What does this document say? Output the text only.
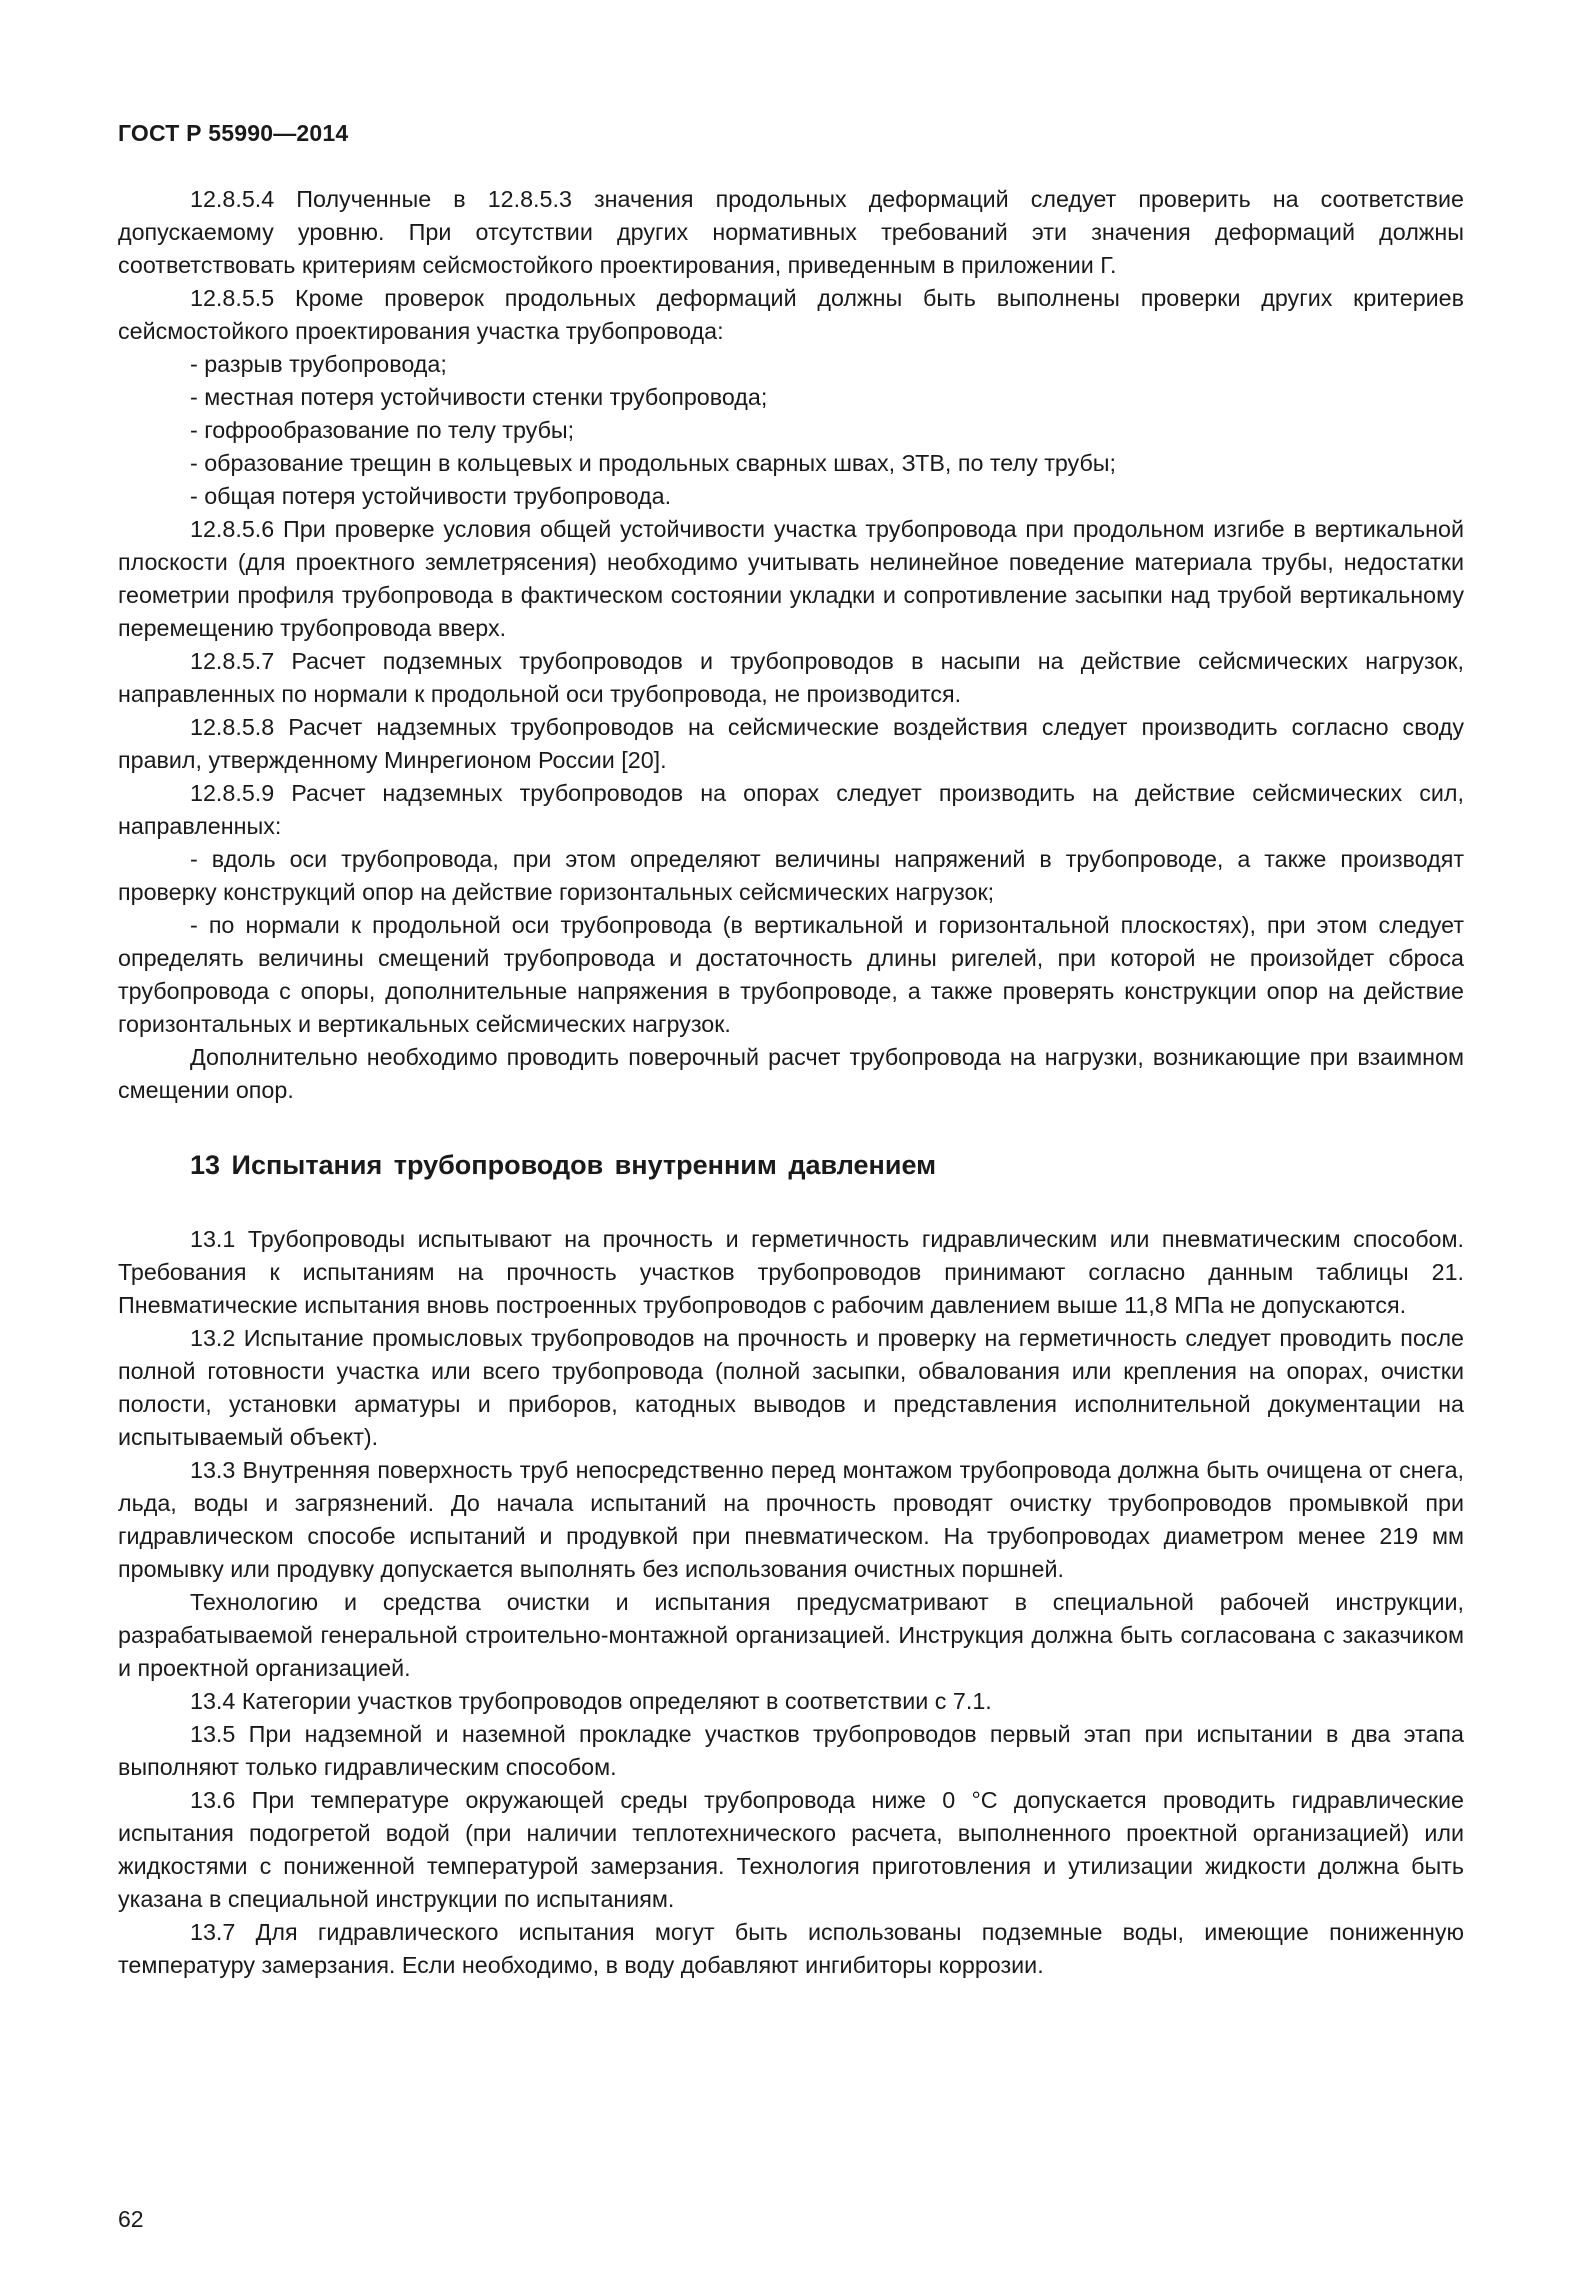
ГОСТ Р 55990—2014

12.8.5.4 Полученные в 12.8.5.3 значения продольных деформаций следует проверить на соответствие допускаемому уровню. При отсутствии других нормативных требований эти значения деформаций должны соответствовать критериям сейсмостойкого проектирования, приведенным в приложении Г.

12.8.5.5 Кроме проверок продольных деформаций должны быть выполнены проверки других критериев сейсмостойкого проектирования участка трубопровода:

- разрыв трубопровода;

- местная потеря устойчивости стенки трубопровода;

- гофрообразование по телу трубы;

- образование трещин в кольцевых и продольных сварных швах, ЗТВ, по телу трубы;

- общая потеря устойчивости трубопровода.

12.8.5.6 При проверке условия общей устойчивости участка трубопровода при продольном изгибе в вертикальной плоскости (для проектного землетрясения) необходимо учитывать нелинейное поведение материала трубы, недостатки геометрии профиля трубопровода в фактическом состоянии укладки и сопротивление засыпки над трубой вертикальному перемещению трубопровода вверх.

12.8.5.7 Расчет подземных трубопроводов и трубопроводов в насыпи на действие сейсмических нагрузок, направленных по нормали к продольной оси трубопровода, не производится.

12.8.5.8 Расчет надземных трубопроводов на сейсмические воздействия следует производить согласно своду правил, утвержденному Минрегионом России [20].

12.8.5.9 Расчет надземных трубопроводов на опорах следует производить на действие сейсмических сил, направленных:

- вдоль оси трубопровода, при этом определяют величины напряжений в трубопроводе, а также производят проверку конструкций опор на действие горизонтальных сейсмических нагрузок;

- по нормали к продольной оси трубопровода (в вертикальной и горизонтальной плоскостях), при этом следует определять величины смещений трубопровода и достаточность длины ригелей, при которой не произойдет сброса трубопровода с опоры, дополнительные напряжения в трубопроводе, а также проверять конструкции опор на действие горизонтальных и вертикальных сейсмических нагрузок.

Дополнительно необходимо проводить поверочный расчет трубопровода на нагрузки, возникающие при взаимном смещении опор.

13 Испытания трубопроводов внутренним давлением

13.1 Трубопроводы испытывают на прочность и герметичность гидравлическим или пневматическим способом. Требования к испытаниям на прочность участков трубопроводов принимают согласно данным таблицы 21. Пневматические испытания вновь построенных трубопроводов с рабочим давлением выше 11,8 МПа не допускаются.

13.2 Испытание промысловых трубопроводов на прочность и проверку на герметичность следует проводить после полной готовности участка или всего трубопровода (полной засыпки, обвалования или крепления на опорах, очистки полости, установки арматуры и приборов, катодных выводов и представления исполнительной документации на испытываемый объект).

13.3 Внутренняя поверхность труб непосредственно перед монтажом трубопровода должна быть очищена от снега, льда, воды и загрязнений. До начала испытаний на прочность проводят очистку трубопроводов промывкой при гидравлическом способе испытаний и продувкой при пневматическом. На трубопроводах диаметром менее 219 мм промывку или продувку допускается выполнять без использования очистных поршней.

Технологию и средства очистки и испытания предусматривают в специальной рабочей инструкции, разрабатываемой генеральной строительно-монтажной организацией. Инструкция должна быть согласована с заказчиком и проектной организацией.

13.4 Категории участков трубопроводов определяют в соответствии с 7.1.

13.5 При надземной и наземной прокладке участков трубопроводов первый этап при испытании в два этапа выполняют только гидравлическим способом.

13.6 При температуре окружающей среды трубопровода ниже 0 °С допускается проводить гидравлические испытания подогретой водой (при наличии теплотехнического расчета, выполненного проектной организацией) или жидкостями с пониженной температурой замерзания. Технология приготовления и утилизации жидкости должна быть указана в специальной инструкции по испытаниям.

13.7 Для гидравлического испытания могут быть использованы подземные воды, имеющие пониженную температуру замерзания. Если необходимо, в воду добавляют ингибиторы коррозии.

62
